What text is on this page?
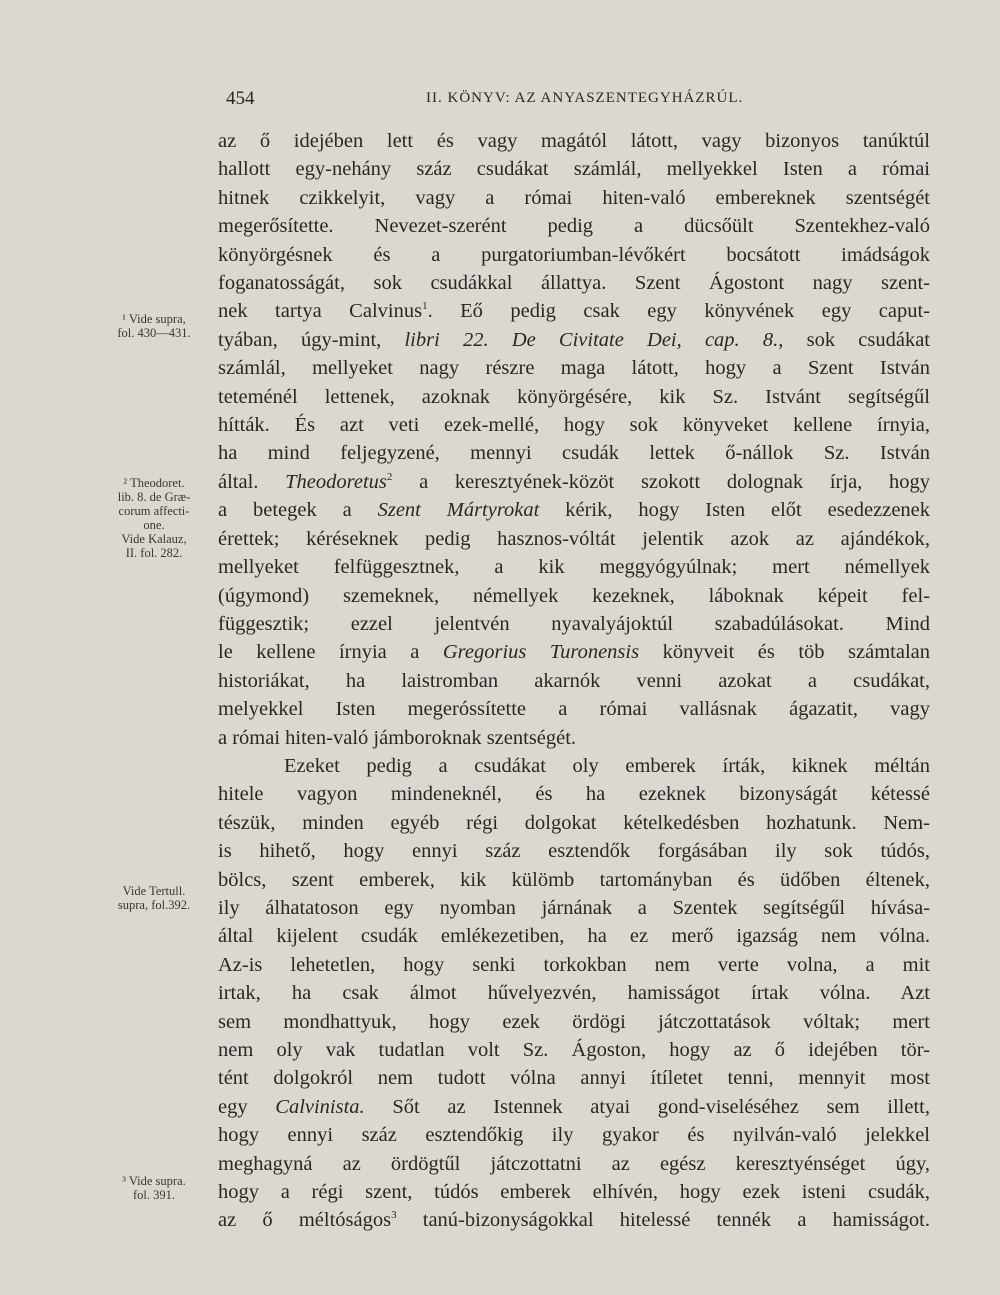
454	II. KÖNYV: AZ ANYASZENTEGYHÁZRÚL.
¹ Vide supra,
fol. 430—431.
² Theodoret.
lib. 8. de Græ-
corum affecti-
one.
Vide Kalauz,
II. fol. 282.
Vide Tertull.
supra, fol.392.
³ Vide supra.
fol. 391.
az ő idejében lett és vagy magától látott, vagy bizonyos tanúktúl
hallott egy-nehány száz csudákat számlál, mellyekkel Isten a római
hitnek czikkelyit, vagy a római hiten-való embereknek szentségét
megerősítette. Nevezet-szerént pedig a dücsőült Szentekhez-való
könyörgésnek és a purgatoriumban-lévőkért bocsátott imádságok
foganatosságát, sok csudákkal állattya. Szent Ágostont nagy szent-
nek tartya Calvinus$^1$. Eő pedig csak egy könyvének egy caput-
tyában, úgy-mint, libri 22. De Civitate Dei, cap. 8., sok csudákat
számlál, mellyeket nagy részre maga látott, hogy a Szent István
teteménél lettenek, azoknak könyörgésére, kik Sz. Istvánt segítségűl
hítták. És azt veti ezek-mellé, hogy sok könyveket kellene írnyia,
ha mind feljegyzené, mennyi csudák lettek ő-nállok Sz. István
által. Theodoretus$^2$ a keresztyének-közöt szokott dolognak írja, hogy
a betegek a Szent Mártyrokat kérik, hogy Isten előt esedezzenek
érettek; kéréseknek pedig hasznos-vóltát jelentik azok az ajándékok,
mellyeket felfüggesztnek, a kik meggyógyúlnak; mert némellyek
(úgymond) szemeknek, némellyek kezeknek, láboknak képeit fel-
függesztik; ezzel jelentvén nyavalyájoktúl szabadúlásokat. Mind
le kellene írnyia a Gregorius Turonensis könyveit és töb számtalan
historiákat, ha laistromban akarnók venni azokat a csudákat,
melyekkel Isten megeróssítette a római vallásnak ágazatit, vagy
a római hiten-való jámboroknak szentségét.
Ezeket pedig a csudákat oly emberek írták, kiknek méltán
hitele vagyon mindeneknél, és ha ezeknek bizonyságát kétessé
tészük, minden egyéb régi dolgokat kételkedésben hozhatunk. Nem-
is hihető, hogy ennyi száz esztendők forgásában ily sok túdós,
bölcs, szent emberek, kik külömb tartományban és üdőben éltenek,
ily álhatatoson egy nyomban járnának a Szentek segítségűl hívása-
által kijelent csudák emlékezetiben, ha ez merő igazság nem vólna.
Az-is lehetetlen, hogy senki torkokban nem verte volna, a mit
irtak, ha csak álmot hűvelyezvén, hamisságot írtak vólna. Azt
sem mondhattyuk, hogy ezek ördögi játczottatások vóltak; mert
nem oly vak tudatlan volt Sz. Ágoston, hogy az ő idejében tör-
tént dolgokról nem tudott vólna annyi ítíletet tenni, mennyit most
egy Calvinista. Sőt az Istennek atyai gond-viseléséhez sem illett,
hogy ennyi száz esztendőkig ily gyakor és nyilván-való jelekkel
meghagyná az ördögtűl játczottatni az egész keresztyénséget úgy,
hogy a régi szent, túdós emberek elhívén, hogy ezek isteni csudák,
az ő méltóságos$^3$ tanú-bizonyságokkal hitelessé tennék a hamisságot.
